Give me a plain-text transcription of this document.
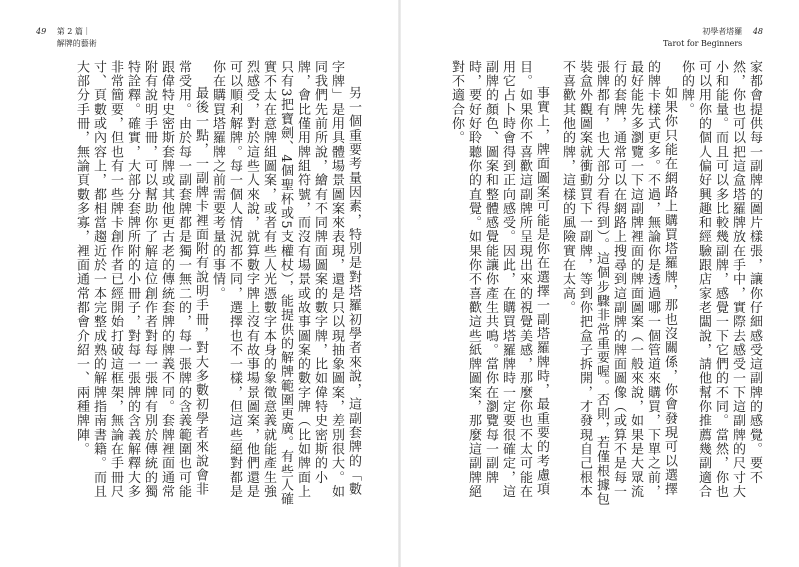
49 第 2 篇｜
解牌的藝術
初學者塔羅
Tarot for Beginners 48

家都會提供每一副牌的圖片樣張，讓你仔細感受這副牌的感覺。要不然，你也可以把這盒塔羅牌放在手中，實際去感受一下這副牌的尺寸大小和能量。而且可以多比較幾副牌，感覺一下它們的不同。當然，你也可以用你的個人偏好興趣和經驗跟店家老闆說，請他幫你推薦幾副適合你的牌。

如果你只能在網路上購買塔羅牌，那也沒關係，你會發現可以選擇的牌卡樣式更多。不過，無論你是透過哪一個管道來購買，下單之前，最好能先多瀏覽一下這副牌裡面的牌面圖案（一般來說，如果是大眾流行的套牌，通常可以在網路上搜尋到這副牌的牌面圖像（或算不是每一張牌都有，也大部分看得到）。這個步驟非常重要喔。否則，若僅根據包裝盒外觀圖案就衝動買下一副牌，等到你把盒子拆開，才發現自己根本不喜歡其他的牌，這樣的風險實在太高。

事實上，牌面圖案可能是你在選擇一副塔羅牌時，最重要的考慮項目。如果你不喜歡這副牌所呈現出來的視覺美感，那麼你也不太可能在用它占卜時會得到正向感受。因此，在購買塔羅牌時一定要很確定，這副牌的顏色、圖案和整體感覺能讓你產生共鳴。當你在瀏覽每一副牌時，要好好聆聽你的直覺。如果你不喜歡這些紙牌圖案，那麼這副牌絕對不適合你。

另一個重要考量因素，特別是對塔羅初學者來說，這副套牌的「數字牌」是用具體場景圖案來表現，還是只以現抽象圖案，差別很大。如同我們先前所說，繪有不同牌面圖案的數字牌，比如偉特史密斯的小牌，會比僅用牌組符號，而沒有場景或故事圖案的數字牌（比如牌面上只有3把寶劍、4個聖杯或5支權杖），能提供的解牌範圍更廣。有些人確實不太在意牌組圖案，或者有些人光憑數字本身的象徵意義就能產生強烈感受，對於這些人來說，就算數字牌上沒有故事場景圖案，他們還是可以順利解牌。每一個人情況都不同，選擇也不一樣，但這些絕對都是你在購買塔羅牌之前需要考量的事情。

最後一點，一副牌卡裡面附有說明手冊，對大多數初學者來說會非常受用。由於每一副套牌都是獨一無二的，每一張牌的含義範圍也可能跟偉特史密斯套牌或其他更古老的傳統套牌的牌義不同。套牌裡面通常附有說明手冊，可以幫助你了解這位創作者對每一張牌有別於傳統的獨特詮釋。確實，大部分套牌所附的小冊子，對每一張牌的含義解釋大多非常簡要，但也有一些牌卡創作者已經開始打破這框架，無論在手冊尺寸、頁數或內容上，都相當趨近於一本完整成熟的解牌指南書籍。而且大部分手冊，無論頁數多寡，裡面通常都會介紹一、兩種牌陣。
